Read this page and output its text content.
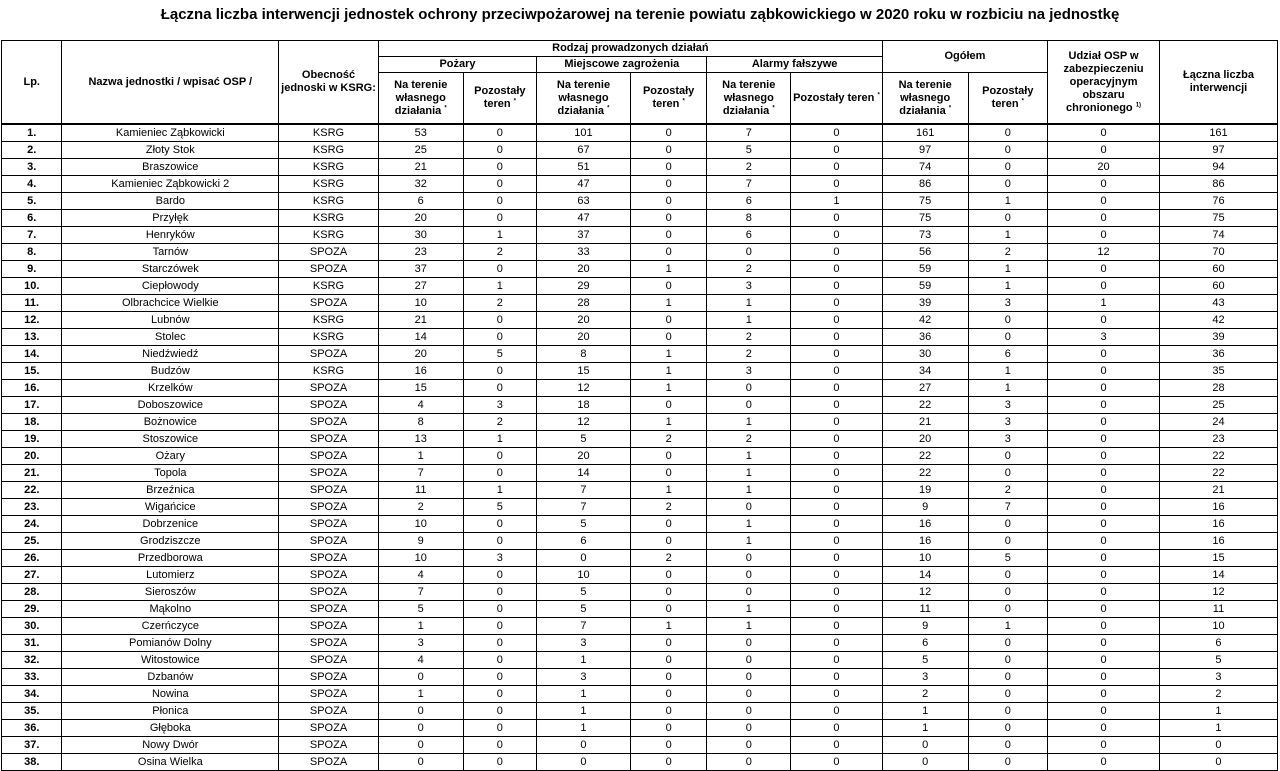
Łączna liczba interwencji jednostek ochrony przeciwpożarowej na terenie powiatu ząbkowickiego w 2020 roku w rozbiciu na jednostkę
Lp.	Nazwa jednostki / wpisać OSP /	Obecność jednoski w KSRG:	Rodzaj prowadzonych działań						Ogółem		Udział OSP w zabezpieczeniu operacyjnym obszaru chronionego $^{1)}$	Łączna liczba interwencji
			Pożary		Miejscowe zagrożenia		Alarmy fałszywe					
			Na terenie własnego działania *	Pozostały teren *	Na terenie własnego działania *	Pozostały teren *	Na terenie własnego działania *	Pozostały teren *	Na terenie własnego działania *	Pozostały teren *
1.	Kamieniec Ząbkowicki	KSRG	53	0	101	0	7	0	161	0	0	161
2.	Złoty Stok	KSRG	25	0	67	0	5	0	97	0	0	97
3.	Braszowice	KSRG	21	0	51	0	2	0	74	0	20	94
4.	Kamieniec Ząbkowicki 2	KSRG	32	0	47	0	7	0	86	0	0	86
5.	Bardo	KSRG	6	0	63	0	6	1	75	1	0	76
6.	Przyłęk	KSRG	20	0	47	0	8	0	75	0	0	75
7.	Henryków	KSRG	30	1	37	0	6	0	73	1	0	74
8.	Tarnów	SPOZA	23	2	33	0	0	0	56	2	12	70
9.	Starczówek	SPOZA	37	0	20	1	2	0	59	1	0	60
10.	Ciepłowody	KSRG	27	1	29	0	3	0	59	1	0	60
11.	Olbrachcice Wielkie	SPOZA	10	2	28	1	1	0	39	3	1	43
12.	Lubnów	KSRG	21	0	20	0	1	0	42	0	0	42
13.	Stolec	KSRG	14	0	20	0	2	0	36	0	3	39
14.	Niedźwiedź	SPOZA	20	5	8	1	2	0	30	6	0	36
15.	Budzów	KSRG	16	0	15	1	3	0	34	1	0	35
16.	Krzelków	SPOZA	15	0	12	1	0	0	27	1	0	28
17.	Doboszowice	SPOZA	4	3	18	0	0	0	22	3	0	25
18.	Bożnowice	SPOZA	8	2	12	1	1	0	21	3	0	24
19.	Stoszowice	SPOZA	13	1	5	2	2	0	20	3	0	23
20.	Ożary	SPOZA	1	0	20	0	1	0	22	0	0	22
21.	Topola	SPOZA	7	0	14	0	1	0	22	0	0	22
22.	Brzeźnica	SPOZA	11	1	7	1	1	0	19	2	0	21
23.	Wigańcice	SPOZA	2	5	7	2	0	0	9	7	0	16
24.	Dobrzenice	SPOZA	10	0	5	0	1	0	16	0	0	16
25.	Grodziszcze	SPOZA	9	0	6	0	1	0	16	0	0	16
26.	Przedborowa	SPOZA	10	3	0	2	0	0	10	5	0	15
27.	Lutomierz	SPOZA	4	0	10	0	0	0	14	0	0	14
28.	Sieroszów	SPOZA	7	0	5	0	0	0	12	0	0	12
29.	Mąkolno	SPOZA	5	0	5	0	1	0	11	0	0	11
30.	Czerńczyce	SPOZA	1	0	7	1	1	0	9	1	0	10
31.	Pomianów Dolny	SPOZA	3	0	3	0	0	0	6	0	0	6
32.	Witostowice	SPOZA	4	0	1	0	0	0	5	0	0	5
33.	Dzbanów	SPOZA	0	0	3	0	0	0	3	0	0	3
34.	Nowina	SPOZA	1	0	1	0	0	0	2	0	0	2
35.	Płonica	SPOZA	0	0	1	0	0	0	1	0	0	1
36.	Głęboka	SPOZA	0	0	1	0	0	0	1	0	0	1
37.	Nowy Dwór	SPOZA	0	0	0	0	0	0	0	0	0	0
38.	Osina Wielka	SPOZA	0	0	0	0	0	0	0	0	0	0
